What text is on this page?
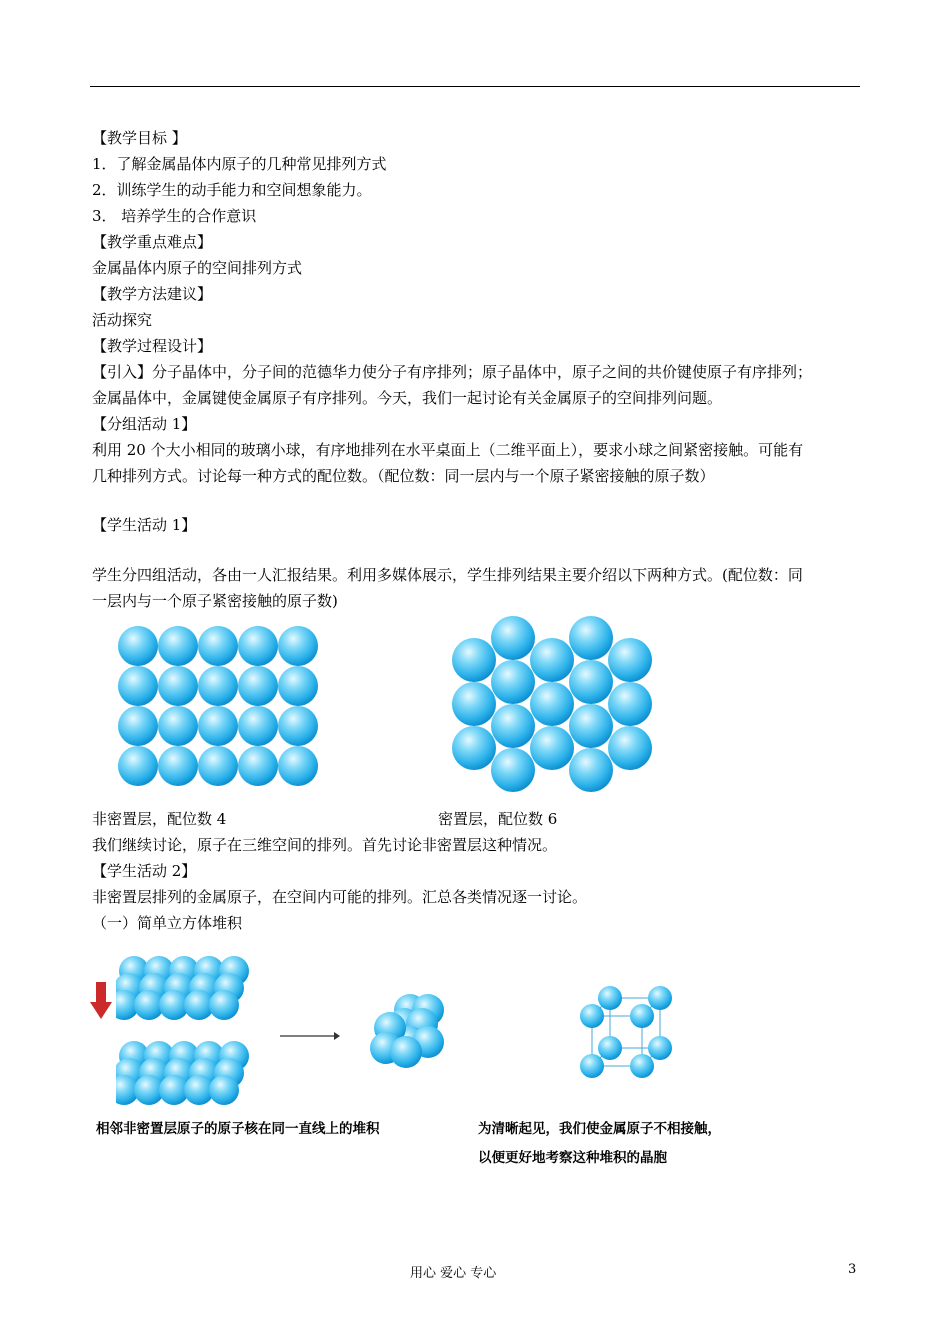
【教学目标 】
1．了解金属晶体内原子的几种常见排列方式
2．训练学生的动手能力和空间想象能力。
3． 培养学生的合作意识
【教学重点难点】
金属晶体内原子的空间排列方式
【教学方法建议】
活动探究
【教学过程设计】
【引入】分子晶体中，分子间的范德华力使分子有序排列；原子晶体中，原子之间的共价键使原子有序排列；
金属晶体中，金属键使金属原子有序排列。今天，我们一起讨论有关金属原子的空间排列问题。
【分组活动 1】
利用 20 个大小相同的玻璃小球，有序地排列在水平桌面上（二维平面上），要求小球之间紧密接触。可能有
几种排列方式。讨论每一种方式的配位数。（配位数：同一层内与一个原子紧密接触的原子数）
【学生活动 1】
学生分四组活动，各由一人汇报结果。利用多媒体展示，学生排列结果主要介绍以下两种方式。(配位数：同
一层内与一个原子紧密接触的原子数)
非密置层，配位数 4	密置层，配位数 6
我们继续讨论，原子在三维空间的排列。首先讨论非密置层这种情况。
【学生活动 2】
非密置层排列的金属原子，在空间内可能的排列。汇总各类情况逐一讨论。
（一）简单立方体堆积
相邻非密置层原子的原子核在同一直线上的堆积	为清晰起见，我们使金属原子不相接触，
以便更好地考察这种堆积的晶胞
用心 爱心 专心	3
